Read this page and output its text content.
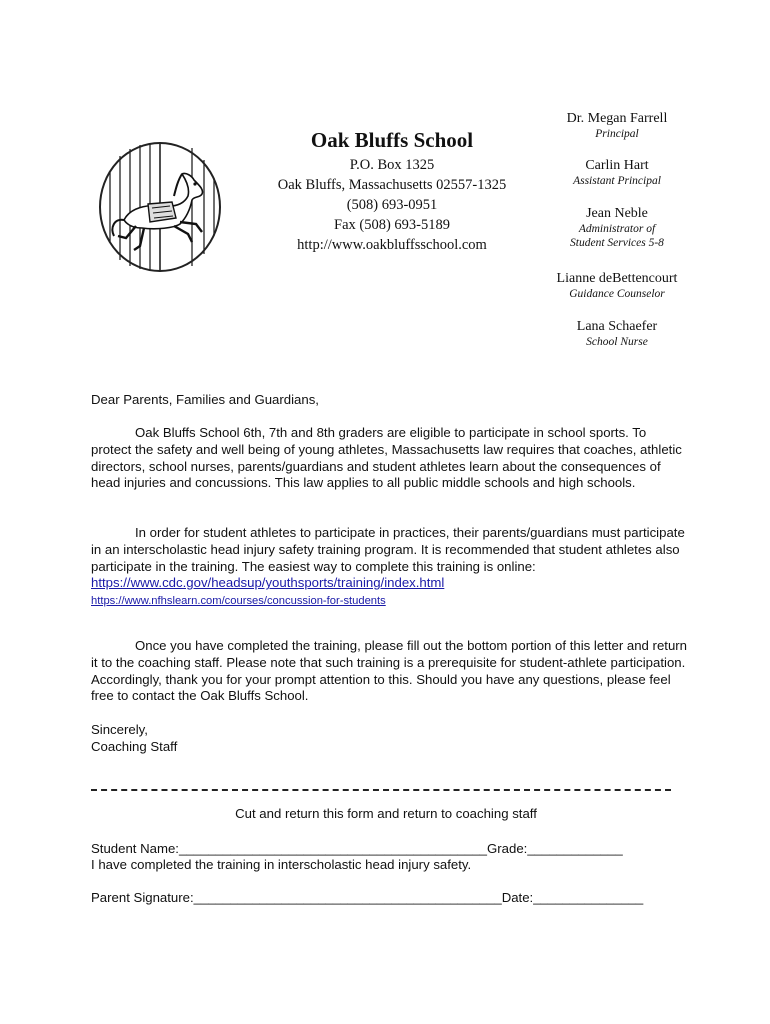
Oak Bluffs School
P.O. Box 1325
Oak Bluffs, Massachusetts 02557-1325
(508) 693-0951
Fax (508) 693-5189
http://www.oakbluffsschool.com
Dr. Megan Farrell
Principal
Carlin Hart
Assistant Principal
Jean Neble
Administrator of
Student Services 5-8
Lianne deBettencourt
Guidance Counselor
Lana Schaefer
School Nurse
Dear Parents, Families and Guardians,
Oak Bluffs School 6th, 7th and 8th graders are eligible to participate in school sports. To protect the safety and well being of young athletes, Massachusetts law requires that coaches, athletic directors, school nurses, parents/guardians and student athletes learn about the consequences of head injuries and concussions. This law applies to all public middle schools and high schools.
In order for student athletes to participate in practices, their parents/guardians must participate in an interscholastic head injury safety training program. It is recommended that student athletes also participate in the training. The easiest way to complete this training is online:
https://www.cdc.gov/headsup/youthsports/training/index.html
https://www.nfhslearn.com/courses/concussion-for-students
Once you have completed the training, please fill out the bottom portion of this letter and return it to the coaching staff. Please note that such training is a prerequisite for student-athlete participation. Accordingly, thank you for your prompt attention to this. Should you have any questions, please feel free to contact the Oak Bluffs School.
Sincerely,
Coaching Staff
Cut and return this form and return to coaching staff
Student Name:__________________________________________Grade:_____________
I have completed the training in interscholastic head injury safety.
Parent Signature:__________________________________________Date:_______________
